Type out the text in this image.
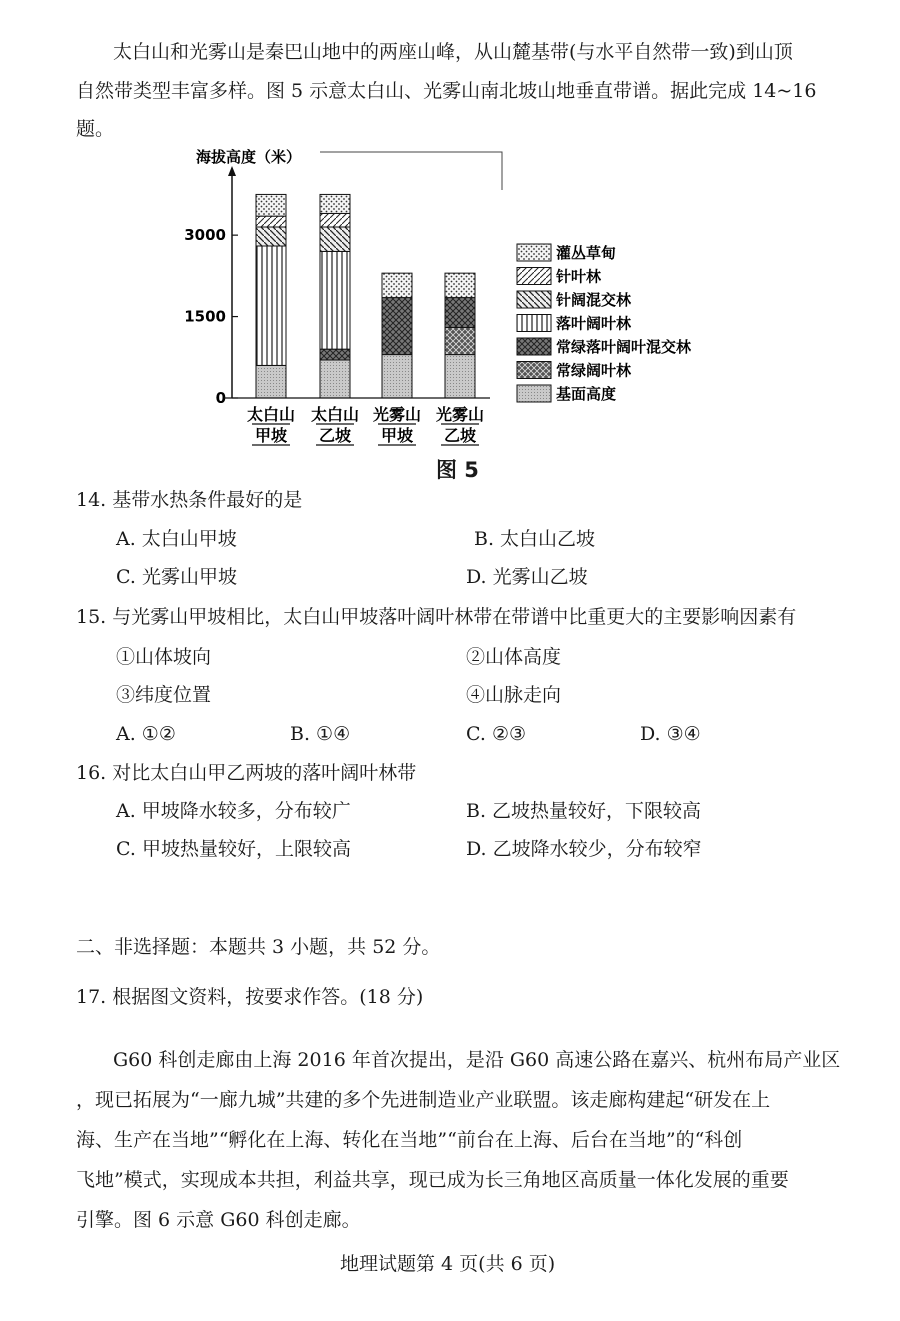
太白山和光雾山是秦巴山地中的两座山峰，从山麓基带(与水平自然带一致)到山顶
自然带类型丰富多样。图 5 示意太白山、光雾山南北坡山地垂直带谱。据此完成 14~16
题。
海拔高度（米）
0
1500
3000
太白山
甲坡
太白山
乙坡
光雾山
甲坡
光雾山
乙坡
灌丛草甸
针叶林
针阔混交林
落叶阔叶林
常绿落叶阔叶混交林
常绿阔叶林
基面高度
图 5
14. 基带水热条件最好的是
A. 太白山甲坡	B. 太白山乙坡
C. 光雾山甲坡	D. 光雾山乙坡
15. 与光雾山甲坡相比，太白山甲坡落叶阔叶林带在带谱中比重更大的主要影响因素有
①山体坡向	②山体高度
③纬度位置	④山脉走向
A. ①②	B. ①④	C. ②③	D. ③④
16. 对比太白山甲乙两坡的落叶阔叶林带
A. 甲坡降水较多，分布较广	B. 乙坡热量较好，下限较高
C. 甲坡热量较好，上限较高	D. 乙坡降水较少，分布较窄
二、非选择题：本题共 3 小题，共 52 分。
17. 根据图文资料，按要求作答。(18 分)
G60 科创走廊由上海 2016 年首次提出，是沿 G60 高速公路在嘉兴、杭州布局产业区
，现已拓展为“一廊九城”共建的多个先进制造业产业联盟。该走廊构建起“研发在上
海、生产在当地”“孵化在上海、转化在当地”“前台在上海、后台在当地”的“科创
飞地”模式，实现成本共担，利益共享，现已成为长三角地区高质量一体化发展的重要
引擎。图 6 示意 G60 科创走廊。
地理试题第 4 页(共 6 页)
